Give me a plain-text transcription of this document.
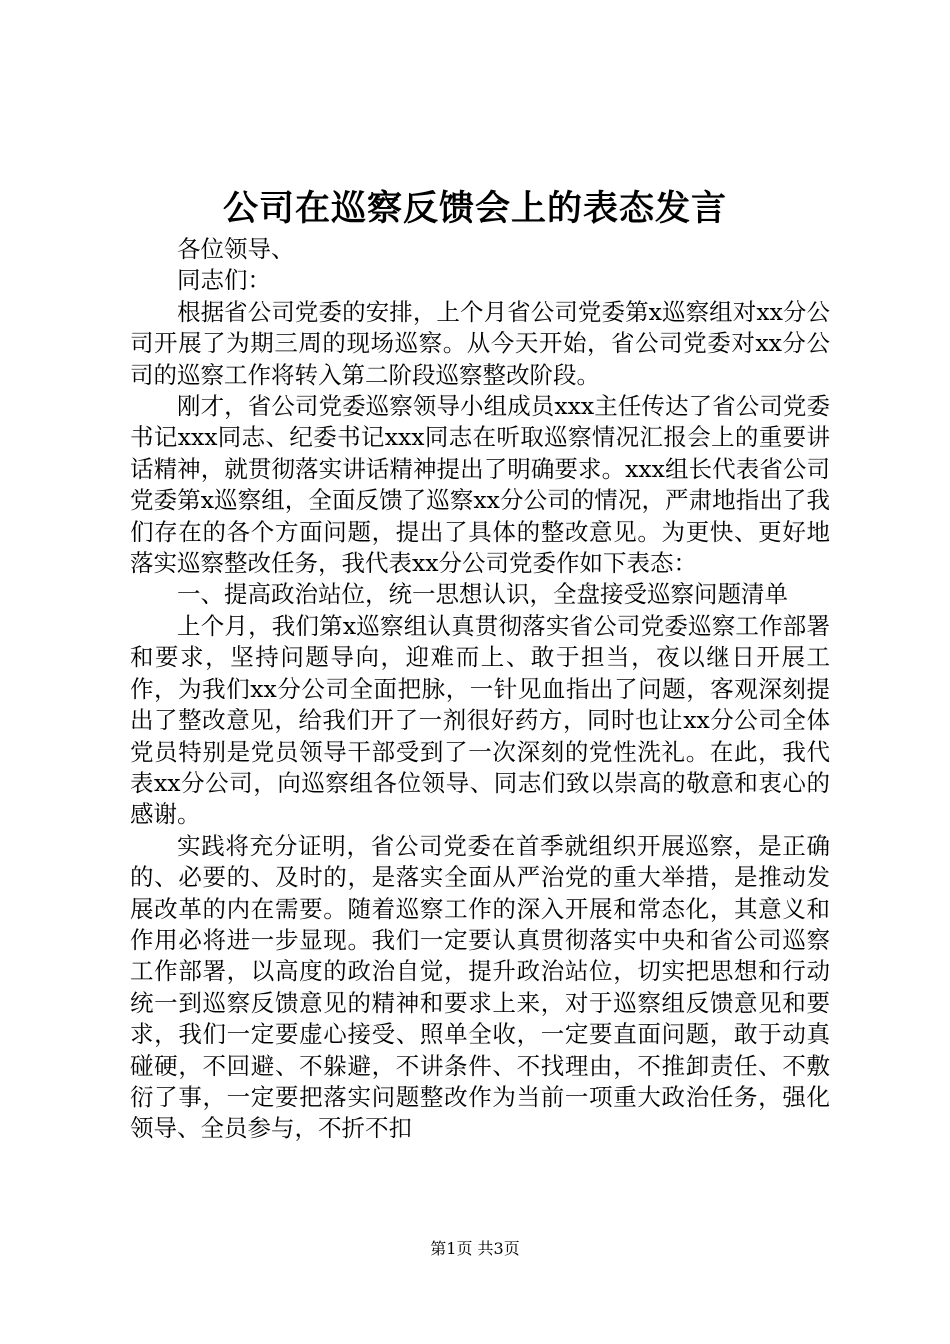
公司在巡察反馈会上的表态发言

各位领导、

同志们：

根据省公司党委的安排，上个月省公司党委第x巡察组对xx分公司开展了为期三周的现场巡察。从今天开始，省公司党委对xx分公司的巡察工作将转入第二阶段巡察整改阶段。

刚才，省公司党委巡察领导小组成员xxx主任传达了省公司党委书记xxx同志、纪委书记xxx同志在听取巡察情况汇报会上的重要讲话精神，就贯彻落实讲话精神提出了明确要求。xxx组长代表省公司党委第x巡察组，全面反馈了巡察xx分公司的情况，严肃地指出了我们存在的各个方面问题，提出了具体的整改意见。为更快、更好地落实巡察整改任务，我代表xx分公司党委作如下表态：

一、提高政治站位，统一思想认识，全盘接受巡察问题清单

上个月，我们第x巡察组认真贯彻落实省公司党委巡察工作部署和要求，坚持问题导向，迎难而上、敢于担当，夜以继日开展工作，为我们xx分公司全面把脉，一针见血指出了问题，客观深刻提出了整改意见，给我们开了一剂很好药方，同时也让xx分公司全体党员特别是党员领导干部受到了一次深刻的党性洗礼。在此，我代表xx分公司，向巡察组各位领导、同志们致以崇高的敬意和衷心的感谢。

实践将充分证明，省公司党委在首季就组织开展巡察，是正确的、必要的、及时的，是落实全面从严治党的重大举措，是推动发展改革的内在需要。随着巡察工作的深入开展和常态化，其意义和作用必将进一步显现。我们一定要认真贯彻落实中央和省公司巡察工作部署，以高度的政治自觉，提升政治站位，切实把思想和行动统一到巡察反馈意见的精神和要求上来，对于巡察组反馈意见和要求，我们一定要虚心接受、照单全收，一定要直面问题，敢于动真碰硬，不回避、不躲避，不讲条件、不找理由，不推卸责任、不敷衍了事，一定要把落实问题整改作为当前一项重大政治任务，强化领导、全员参与，不折不扣

第1页 共3页
